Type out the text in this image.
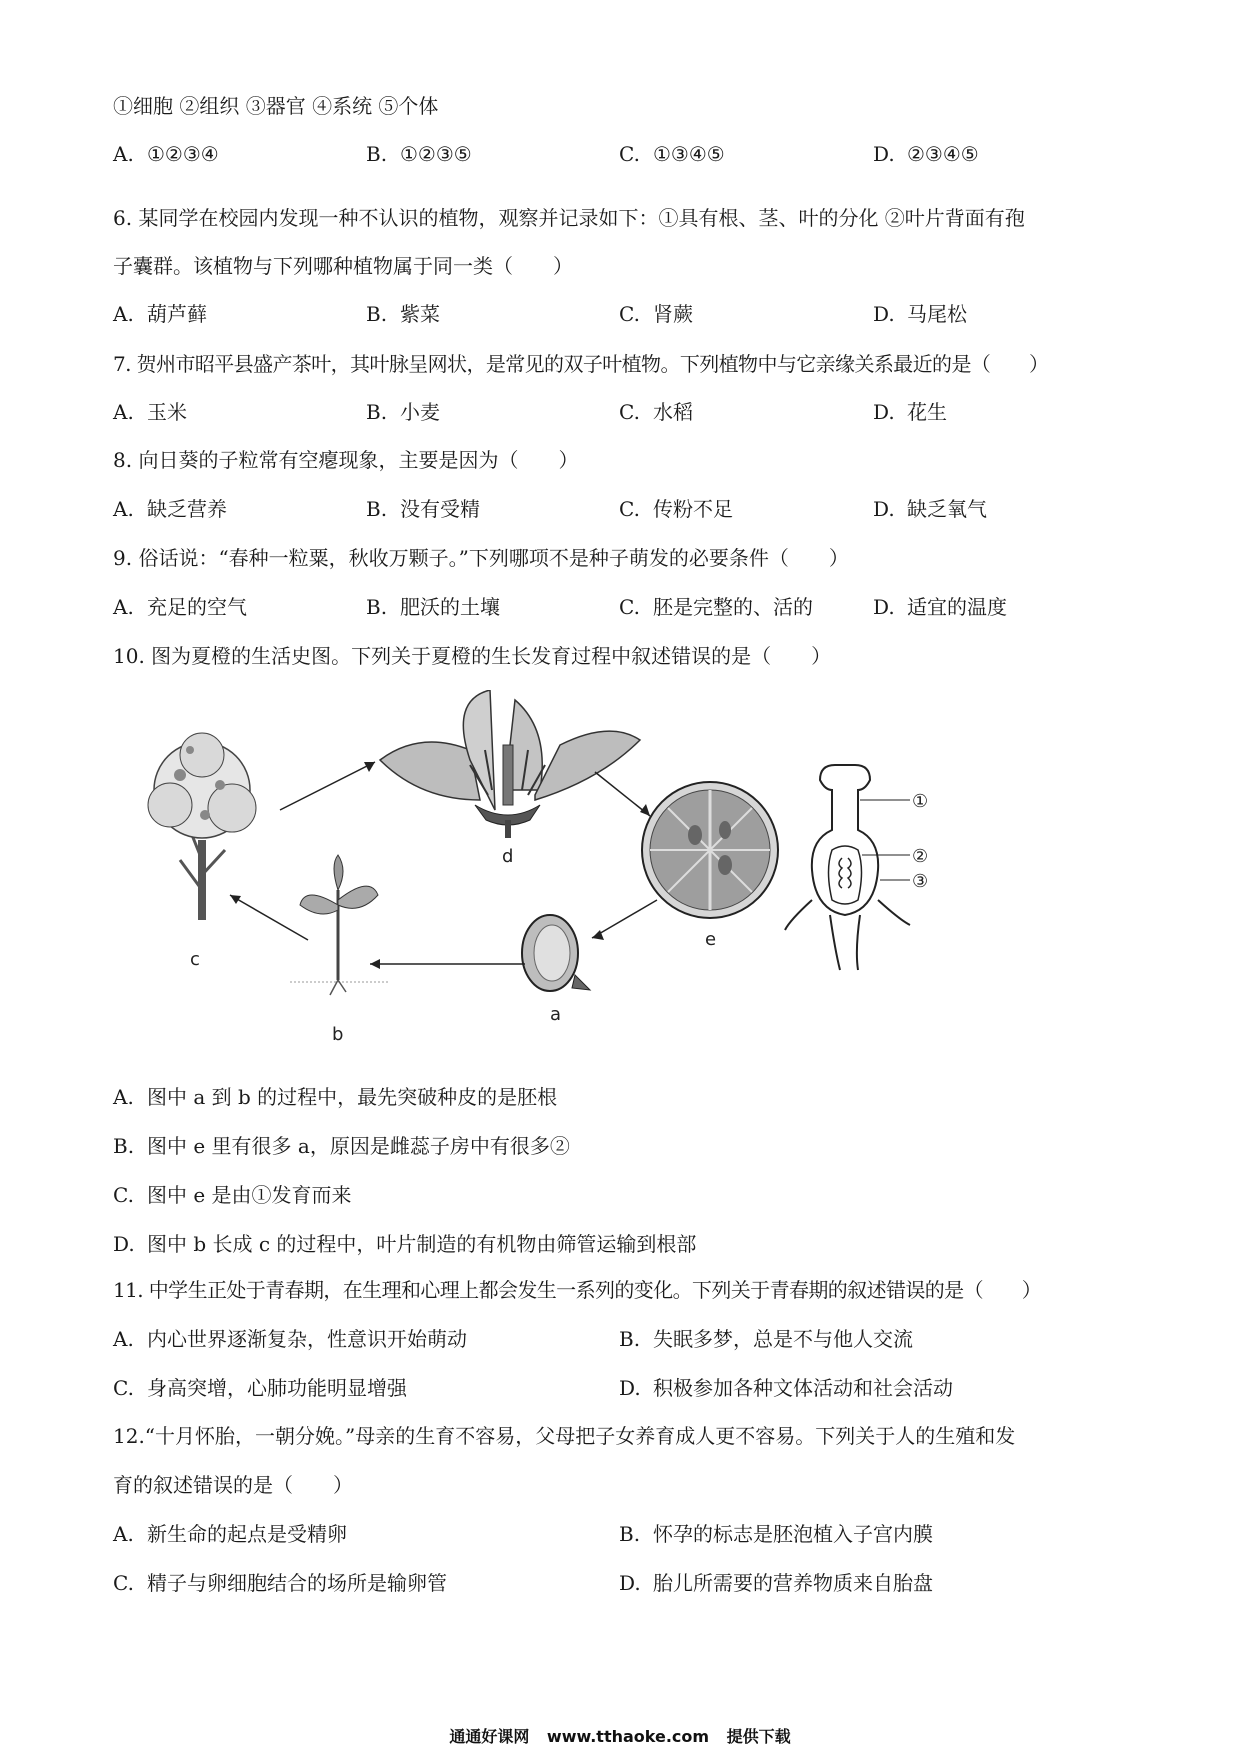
①细胞 ②组织 ③器官 ④系统 ⑤个体
A. ①②③④	B. ①②③⑤	C. ①③④⑤	D. ②③④⑤
6. 某同学在校园内发现一种不认识的植物，观察并记录如下：①具有根、茎、叶的分化 ②叶片背面有孢
子囊群。该植物与下列哪种植物属于同一类（　　）
A. 葫芦藓	B. 紫菜	C. 肾蕨	D. 马尾松
7. 贺州市昭平县盛产茶叶，其叶脉呈网状，是常见的双子叶植物。下列植物中与它亲缘关系最近的是（　　）
A. 玉米	B. 小麦	C. 水稻	D. 花生
8. 向日葵的子粒常有空瘪现象，主要是因为（　　）
A. 缺乏营养	B. 没有受精	C. 传粉不足	D. 缺乏氧气
9. 俗话说：“春种一粒粟，秋收万颗子。”下列哪项不是种子萌发的必要条件（　　）
A. 充足的空气	B. 肥沃的土壤	C. 胚是完整的、活的	D. 适宜的温度
10. 图为夏橙的生活史图。下列关于夏橙的生长发育过程中叙述错误的是（　　）
c
d
e
a
b
①
②
③
A. 图中 a 到 b 的过程中，最先突破种皮的是胚根
B. 图中 e 里有很多 a，原因是雌蕊子房中有很多②
C. 图中 e 是由①发育而来
D. 图中 b 长成 c 的过程中，叶片制造的有机物由筛管运输到根部
11. 中学生正处于青春期，在生理和心理上都会发生一系列的变化。下列关于青春期的叙述错误的是（　　）
A. 内心世界逐渐复杂，性意识开始萌动	B. 失眠多梦，总是不与他人交流
C. 身高突增，心肺功能明显增强	D. 积极参加各种文体活动和社会活动
12.“十月怀胎，一朝分娩。”母亲的生育不容易，父母把子女养育成人更不容易。下列关于人的生殖和发
育的叙述错误的是（　　）
A. 新生命的起点是受精卵	B. 怀孕的标志是胚泡植入子宫内膜
C. 精子与卵细胞结合的场所是输卵管	D. 胎儿所需要的营养物质来自胎盘
通通好课网 www.tthaoke.com 提供下载
